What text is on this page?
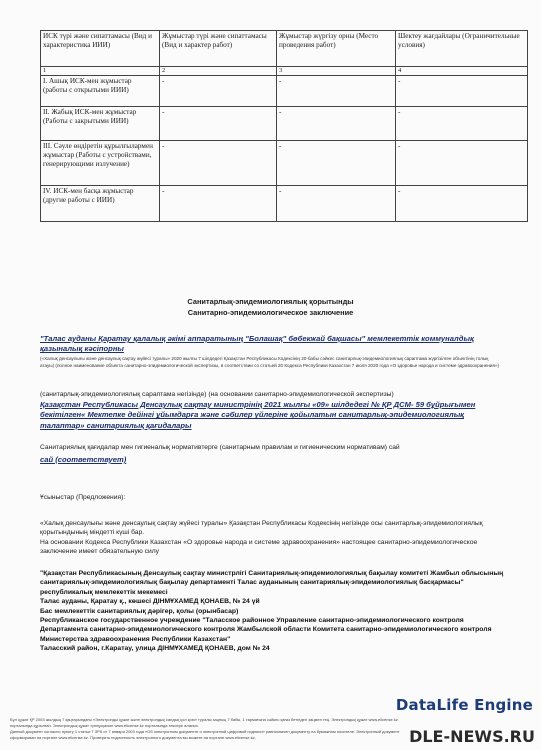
ИСК түрі және сипаттамасы (Вид и характеристика ИИИ)	Жұмыстар түрі және сипаттамасы (Вид и характер работ)	Жұмыстар жүргізу орны (Место проведения работ)	Шектеу жағдайлары (Ограничительные условия)
1	2	3	4
I. Ашық ИСК-мен жұмыстар (работы с открытыми ИИИ)	-	-	-
II. Жабық ИСК-мен жұмыстар (Работы с закрытыми ИИИ)	-	-	-
III. Сәуле өндіретін құрылғылармен жұмыстар (Работы с устройствами, генерирующими излучение)	-	-	-
IV. ИСК-мен басқа жұмыстар (другие работы с ИИИ)	-	-	-
Санитарлық-эпидемиологиялық қорытынды
Санитарно-эпидемиологическое заключение
"Талас ауданы Қаратау қалалық әкімі аппаратының "Болашақ" бөбекжай бақшасы" мемлекеттік коммуналдық қазыналық кәсіпорны
(«Халық денсаулығы және денсаулық сақтау жүйесі туралы» 2020 жылғы 7 шілдедегі Қазақстан Республикасы Кодексінің 20-бабы сәйкес санитарлық-эпидемиологиялық сараптама жүргізілген объектінің толық атауы) (полное наименование объекта санитарно-эпидемиологической экспертизы, в соответствии со статьей 20 Кодекса Республики Казахстан 7 июля 2020 года «О здоровье народа и системе здравоохранения»)
(санитарлық-эпидемиологиялық сараптама негізінде) (на основании санитарно-эпидемиологической экспертизы)
Қазақстан Республикасы Денсаулық сақтау министрінің 2021 жылғы «09» шілдедегі № ҚР ДСМ- 59 бұйрығымен бекітілген« Мектепке дейінгі ұйымдарға және сәбилер үйлеріне қойылатын санитарлық-эпидемиологиялық талаптар» санитариялық қағидалары
Санитариялық қағидалар мен гигиеналық нормативтерге (санитарным правилам и гигиеническим нормативам) сай
сай (соответствует)
Ұсыныстар (Предложения):
«Халық денсаулығы және денсаулық сақтау жүйесі туралы» Қазақстан Республикасы Кодексінің негізінде осы санитарлық-эпидемиологиялық қорытындының міндетті күші бар.
На основании Кодекса Республики Казахстан «О здоровье народа и системе здравоохранения» настоящее санитарно-эпидемиологическое заключение имеет обязательную силу
"Қазақстан Республикасының Денсаулық сақтау министрлігі Санитариялық-эпидемиологиялық бақылау комитеті Жамбыл облысының санитариялық-эпидемиологиялық бақылау департаменті Талас ауданының санитариялық-эпидемиологиялық басқармасы" республикалық мемлекеттік мекемесі
Талас ауданы, Қаратау қ., көшесі ДІНМҰХАМЕД ҚОНАЕВ, № 24 үй
Бас мемлекеттік санитариялық дәрігер, қолы (орынбасар)
Республиканское государственное учреждение "Таласское районное Управление санитарно-эпидемиологического контроля Департамента санитарно-эпидемиологического контроля Жамбылской области Комитета санитарно-эпидемиологического контроля Министерства здравоохранения Республики Казахстан"
Таласский район, г.Каратау, улица ДІНМҰХАМЕД ҚОНАЕВ, дом № 24
Бұл құжат ҚР 2003 жылдың 7 қаңтарындағы «Электронды құжат және электрондық сандық қол қою» туралы заңның 7 бабы, 1 тармағына сәйкес қағаз бетіндегі заңмен тең. Электрондық құжат www.elicense.kz порталында құрылған. Электрондық құжат түпнұсқасын www.elicense.kz порталында тексере аласыз.
Данный документ согласно пункту 1 статьи 7 ЗРК от 7 января 2003 года «Об электронном документе и электронной цифровой подписи» равнозначен документу на бумажном носителе. Электронный документ сформирован на портале www.elicense.kz. Проверить подлинность электронного документа вы можете на портале www.elicense.kz.
DataLife Engine
DLE-NEWS.RU
